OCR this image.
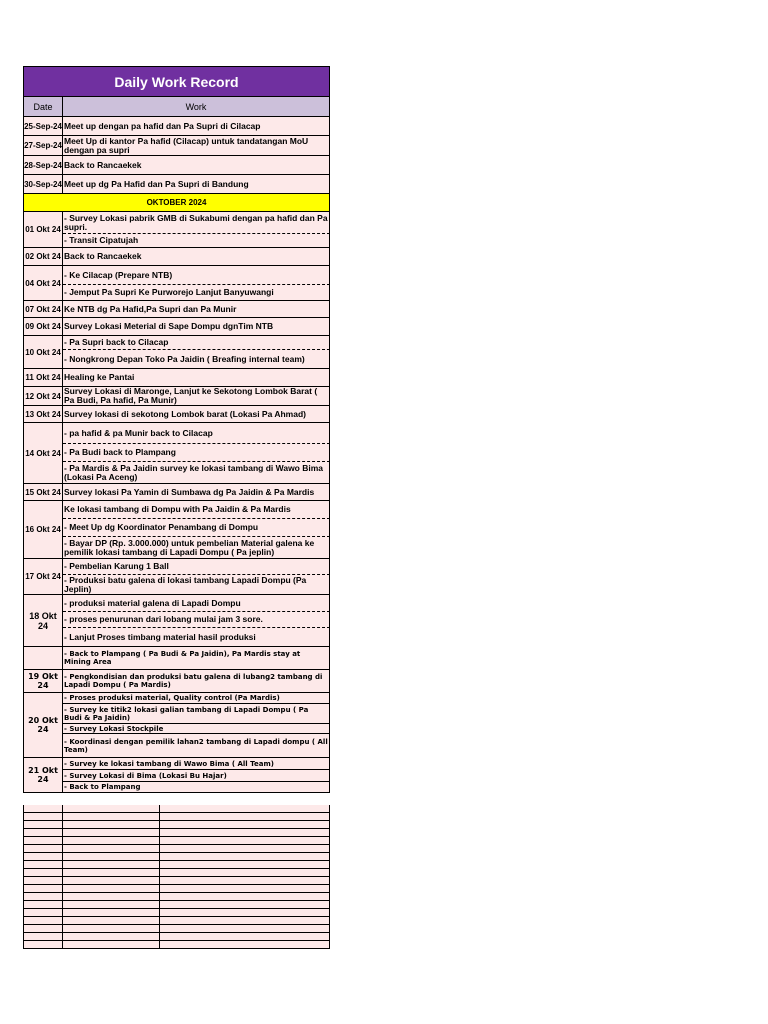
Daily Work Record
Date	Work
25-Sep-24 Meet up dengan pa hafid dan Pa Supri di Cilacap
27-Sep-24 Meet Up di kantor Pa hafid (Cilacap) untuk tandatangan MoU dengan pa supri
28-Sep-24 Back to Rancaekek
30-Sep-24 Meet up dg Pa Hafid dan Pa Supri di Bandung
OKTOBER 2024
01 Okt 24
- Survey Lokasi pabrik GMB di Sukabumi dengan pa hafid dan Pa supri.
- Transit Cipatujah
02 Okt 24 Back to Rancaekek
04 Okt 24
- Ke Cilacap (Prepare NTB)
- Jemput Pa Supri Ke Purworejo Lanjut Banyuwangi
07 Okt 24 Ke NTB dg Pa Hafid,Pa Supri dan Pa Munir
09 Okt 24 Survey Lokasi Meterial di Sape Dompu dgnTim NTB
10 Okt 24
- Pa Supri back to Cilacap
- Nongkrong Depan Toko Pa Jaidin ( Breafing internal team)
11 Okt 24 Healing ke Pantai
12 Okt 24 Survey Lokasi di Maronge, Lanjut ke Sekotong Lombok Barat ( Pa Budi, Pa hafid, Pa Munir)
13 Okt 24 Survey lokasi di sekotong Lombok barat (Lokasi Pa Ahmad)
14 Okt 24
- pa hafid & pa Munir back to Cilacap
- Pa Budi back to Plampang
- Pa Mardis & Pa Jaidin survey ke lokasi tambang di Wawo Bima (Lokasi Pa Aceng)
15 Okt 24 Survey lokasi Pa Yamin di Sumbawa dg Pa Jaidin & Pa Mardis
16 Okt 24
Ke lokasi tambang di Dompu with Pa Jaidin & Pa Mardis
- Meet Up dg Koordinator Penambang di Dompu
- Bayar DP (Rp. 3.000.000) untuk pembelian Material galena ke pemilik lokasi tambang di Lapadi Dompu ( Pa jeplin)
17 Okt 24
- Pembelian Karung 1 Ball
- Produksi batu galena di lokasi tambang Lapadi Dompu (Pa Jeplin)
18 Okt 24
- produksi material galena di Lapadi Dompu
- proses penurunan dari lobang mulai jam 3 sore.
- Lanjut Proses timbang material hasil produksi
- Back to Plampang ( Pa Budi & Pa Jaidin), Pa Mardis stay at Mining Area
19 Okt 24
- Pengkondisian dan produksi batu galena di lubang2 tambang di Lapadi Dompu ( Pa Mardis)
20 Okt 24
- Proses produksi material, Quality control (Pa Mardis)
- Survey ke titik2 lokasi galian tambang di Lapadi Dompu ( Pa Budi & Pa Jaidin)
- Survey Lokasi Stockpile
- Koordinasi dengan pemilik lahan2 tambang di Lapadi dompu ( All Team)
21 Okt 24
- Survey ke lokasi tambang di Wawo Bima ( All Team)
- Survey Lokasi di Bima (Lokasi Bu Hajar)
- Back to Plampang
